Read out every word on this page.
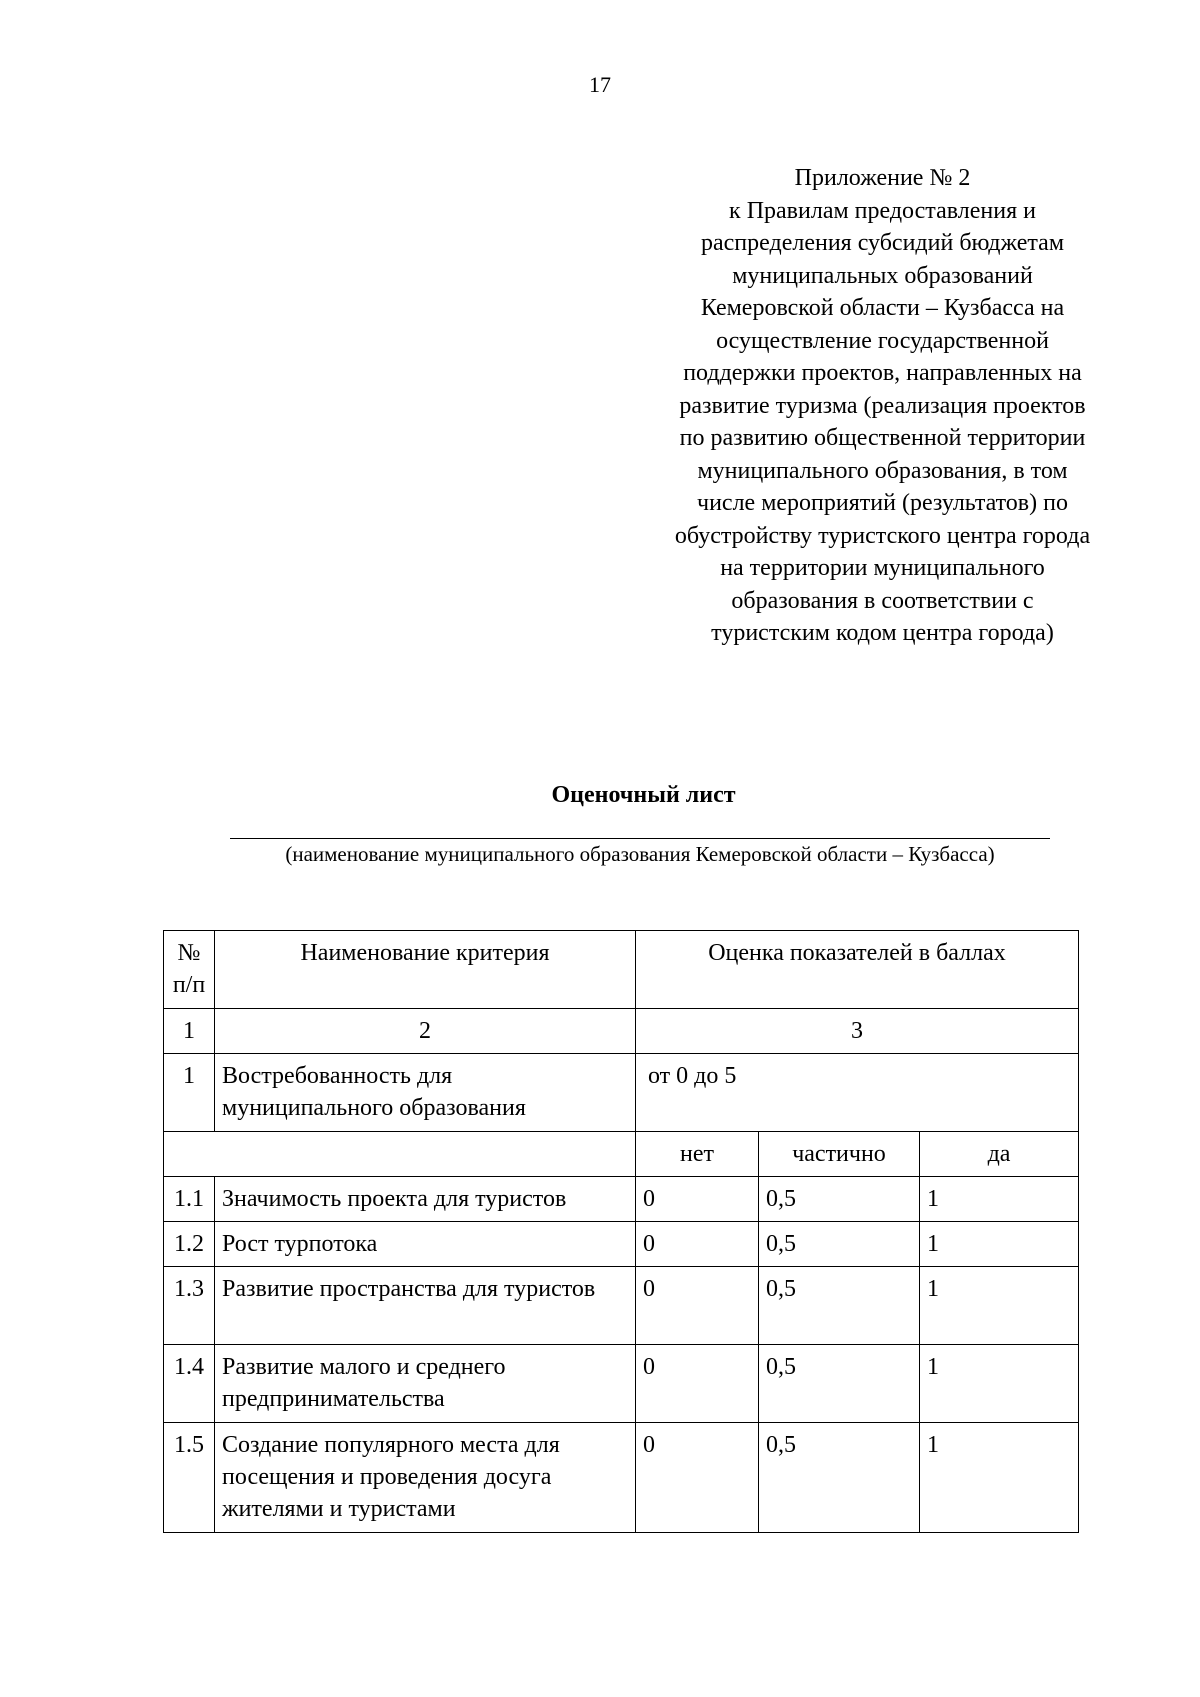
17
Приложение № 2
к Правилам предоставления и
распределения субсидий бюджетам
муниципальных образований
Кемеровской области – Кузбасса на
осуществление государственной
поддержки проектов, направленных на
развитие туризма (реализация проектов
по развитию общественной территории
муниципального образования, в том
числе мероприятий (результатов) по
обустройству туристского центра города
на территории муниципального
образования в соответствии с
туристским кодом центра города)
Оценочный лист
(наименование муниципального образования Кемеровской области – Кузбасса)
№ п/п	Наименование критерия	Оценка показателей в баллах		
1	2	3		
1	Востребованность для муниципального образования	от 0 до 5		
		нет	частично	да
1.1	Значимость проекта для туристов	0	0,5	1
1.2	Рост турпотока	0	0,5	1
1.3	Развитие пространства для туристов	0	0,5	1
1.4	Развитие малого и среднего предпринимательства	0	0,5	1
1.5	Создание популярного места для посещения и проведения досуга жителями и туристами	0	0,5	1
